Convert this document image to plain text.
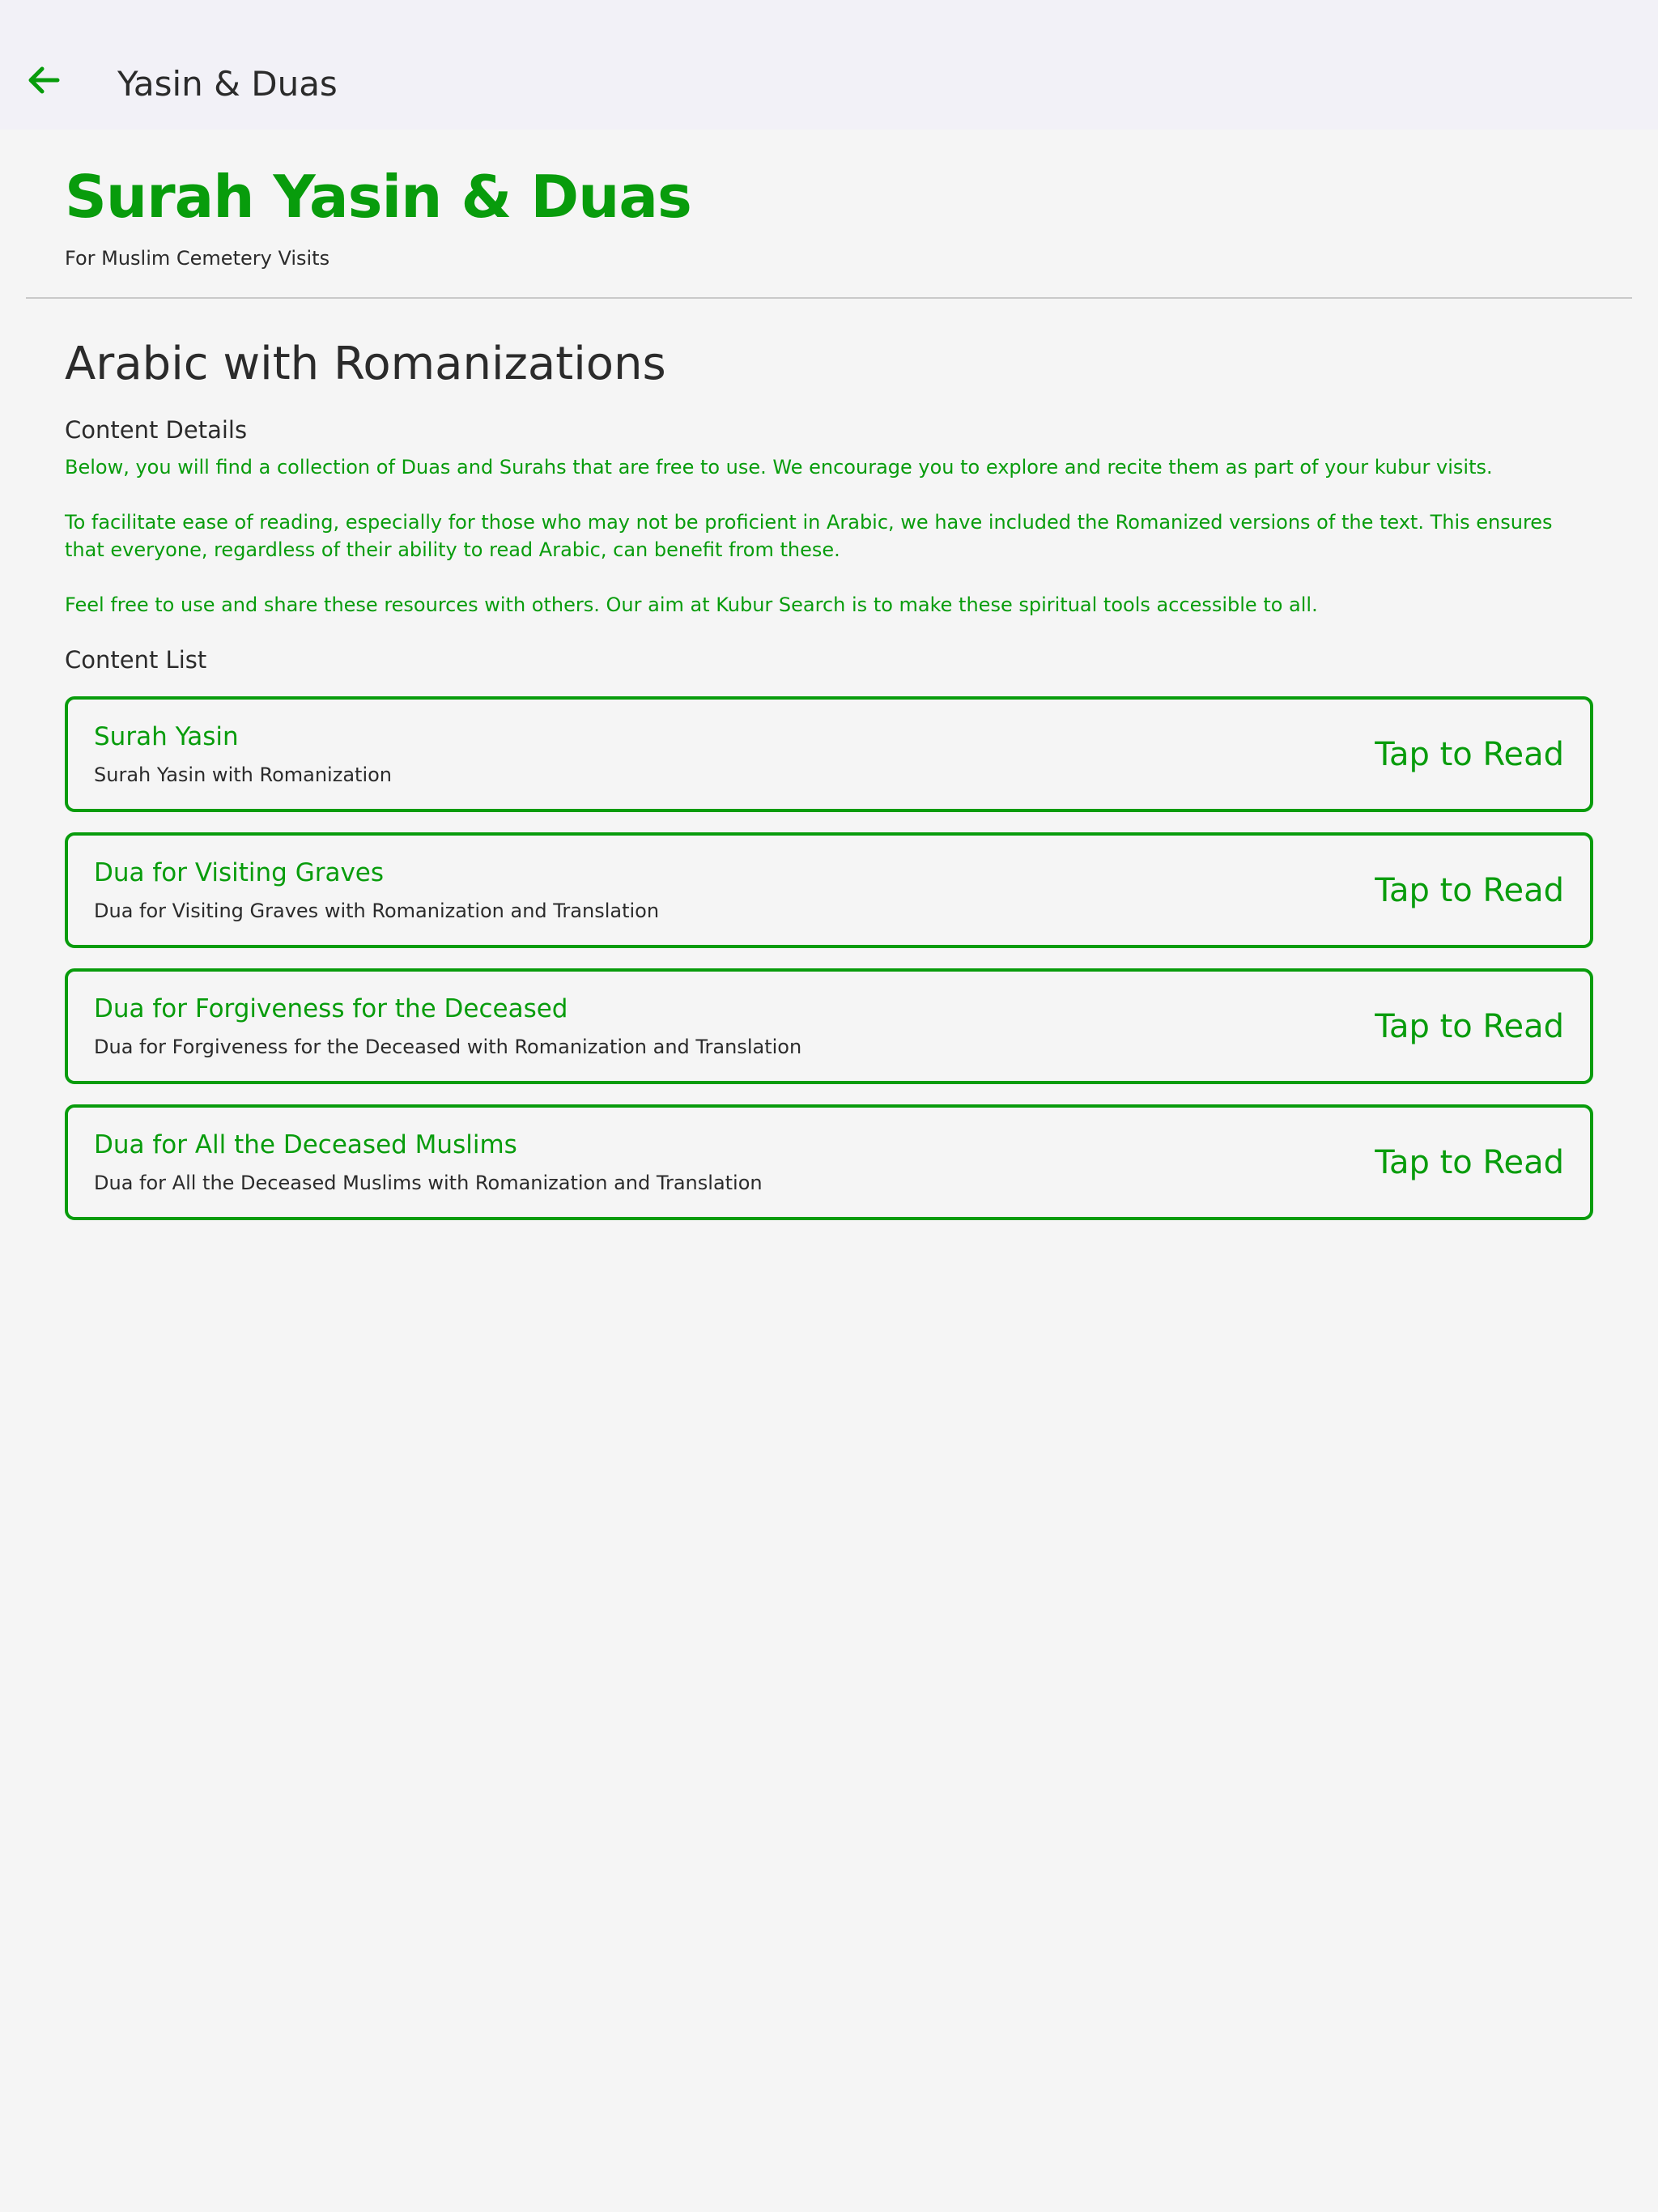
Yasin & Duas
Surah Yasin & Duas
For Muslim Cemetery Visits
Arabic with Romanizations
Content Details
Below, you will find a collection of Duas and Surahs that are free to use. We encourage you to explore and recite them as part of your kubur visits.
To facilitate ease of reading, especially for those who may not be proficient in Arabic, we have included the Romanized versions of the text. This ensures that everyone, regardless of their ability to read Arabic, can benefit from these.
Feel free to use and share these resources with others. Our aim at Kubur Search is to make these spiritual tools accessible to all.
Content List
Surah Yasin
Surah Yasin with Romanization
Tap to Read
Dua for Visiting Graves
Dua for Visiting Graves with Romanization and Translation
Tap to Read
Dua for Forgiveness for the Deceased
Dua for Forgiveness for the Deceased with Romanization and Translation
Tap to Read
Dua for All the Deceased Muslims
Dua for All the Deceased Muslims with Romanization and Translation
Tap to Read
